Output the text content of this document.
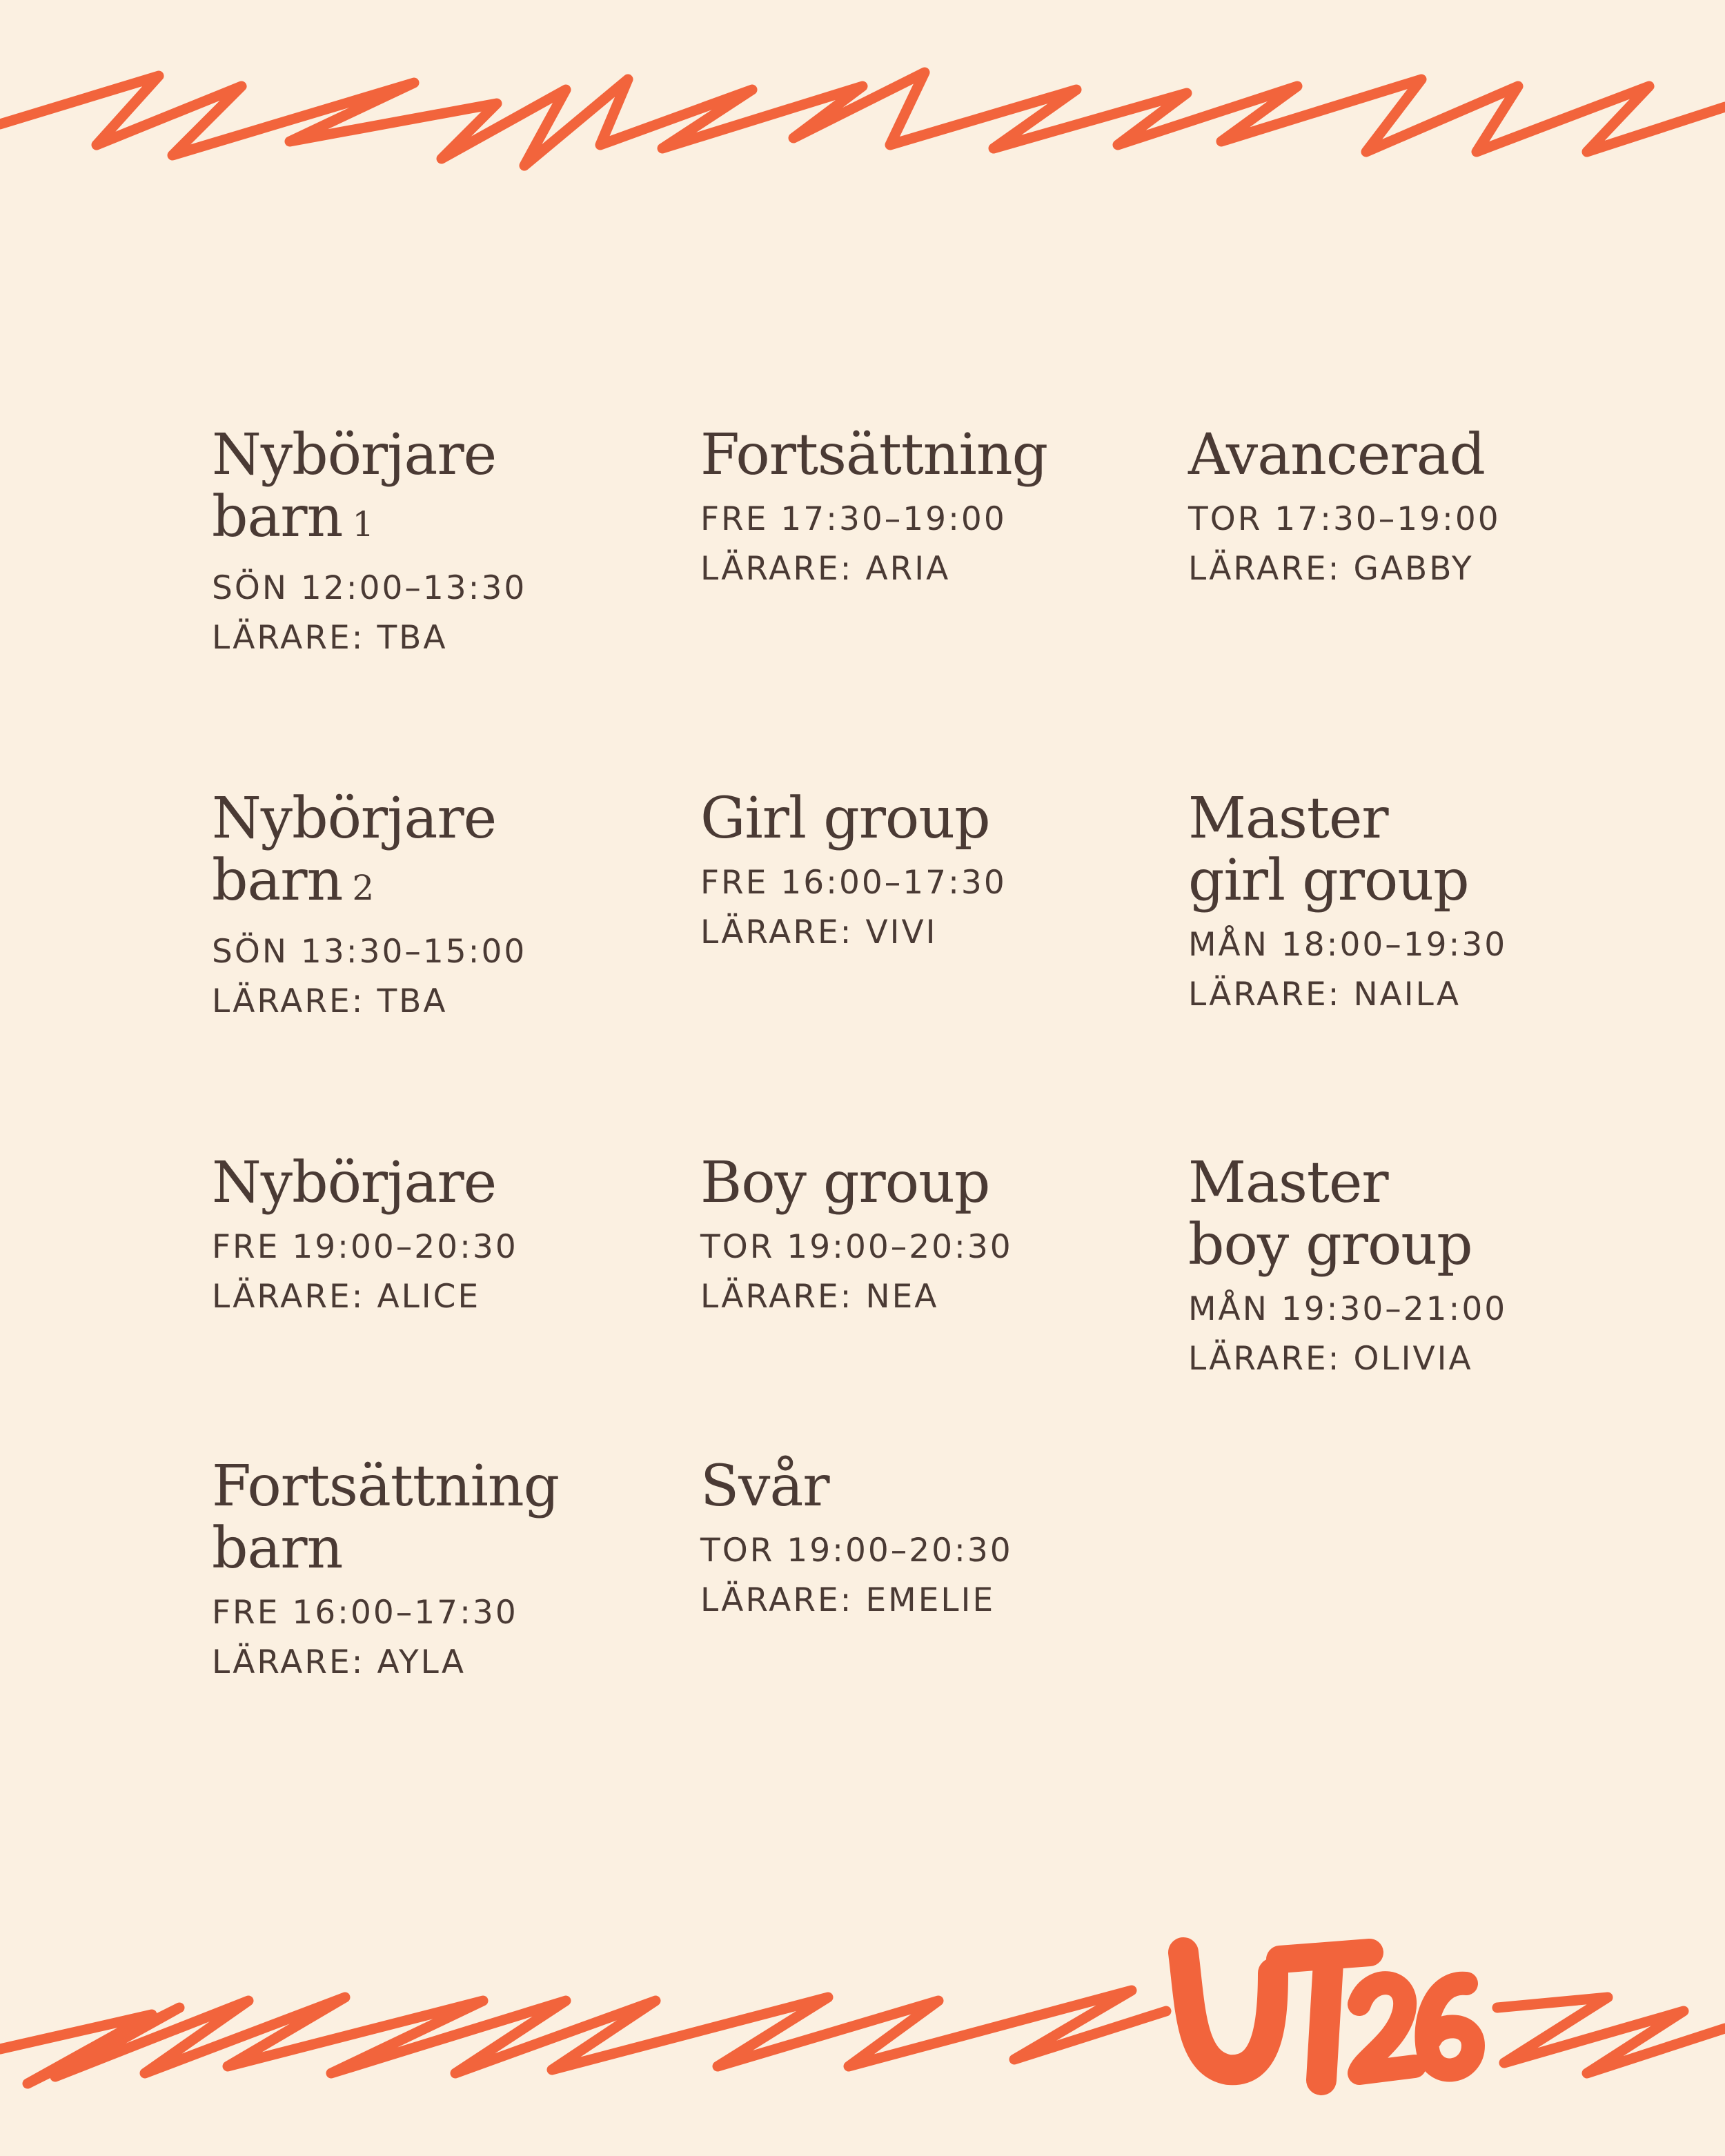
Nybörjare
barn 1
SÖN 12:00–13:30
LÄRARE: TBA
Fortsättning
FRE 17:30–19:00
LÄRARE: ARIA
Avancerad
TOR 17:30–19:00
LÄRARE: GABBY
Nybörjare
barn 2
SÖN 13:30–15:00
LÄRARE: TBA
Girl group
FRE 16:00–17:30
LÄRARE: VIVI
Master
girl group
MÅN 18:00–19:30
LÄRARE: NAILA
Nybörjare
FRE 19:00–20:30
LÄRARE: ALICE
Boy group
TOR 19:00–20:30
LÄRARE: NEA
Master
boy group
MÅN 19:30–21:00
LÄRARE: OLIVIA
Fortsättning
barn
FRE 16:00–17:30
LÄRARE: AYLA
Svår
TOR 19:00–20:30
LÄRARE: EMELIE
